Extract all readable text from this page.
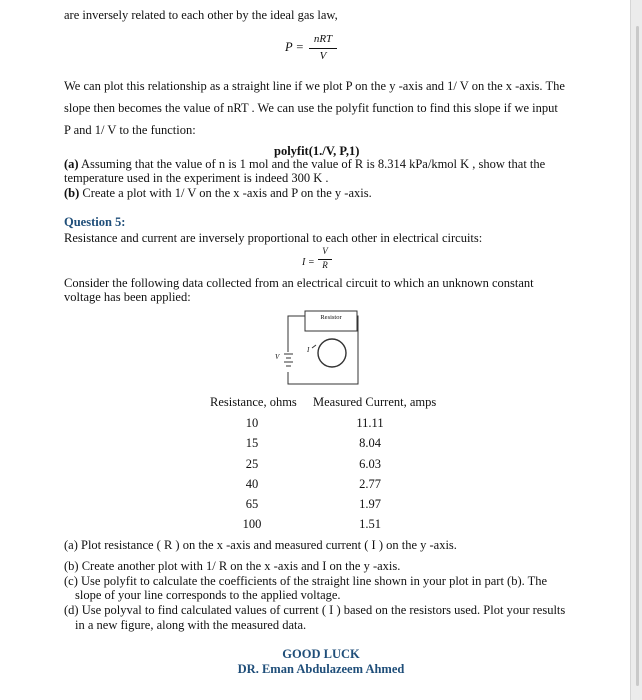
are inversely related to each other by the ideal gas law,
P =
nRT
V
We can plot this relationship as a straight line if we plot P on the y -axis and 1/ V on the x -axis. The
slope then becomes the value of nRT . We can use the polyfit function to find this slope if we input
P and 1/ V to the function:
polyfit(1./V, P,1)
(a) Assuming that the value of n is 1 mol and the value of R is 8.314 kPa/kmol K , show that the
temperature used in the experiment is indeed 300 K .
(b) Create a plot with 1/ V on the x -axis and P on the y -axis.
Question 5:
Resistance and current are inversely proportional to each other in electrical circuits:
I =
V
R
Consider the following data collected from an electrical circuit to which an unknown constant
voltage has been applied:
Resistor
V
I
Resistance, ohms Measured Current, amps
10	11.11
15	8.04
25	6.03
40	2.77
65	1.97
100	1.51
(a) Plot resistance ( R ) on the x -axis and measured current ( I ) on the y -axis.
(b) Create another plot with 1/ R on the x -axis and I on the y -axis.
(c) Use polyfit to calculate the coefficients of the straight line shown in your plot in part (b). The
slope of your line corresponds to the applied voltage.
(d) Use polyval to find calculated values of current ( I ) based on the resistors used. Plot your results
in a new figure, along with the measured data.
GOOD LUCK
DR. Eman Abdulazeem Ahmed
